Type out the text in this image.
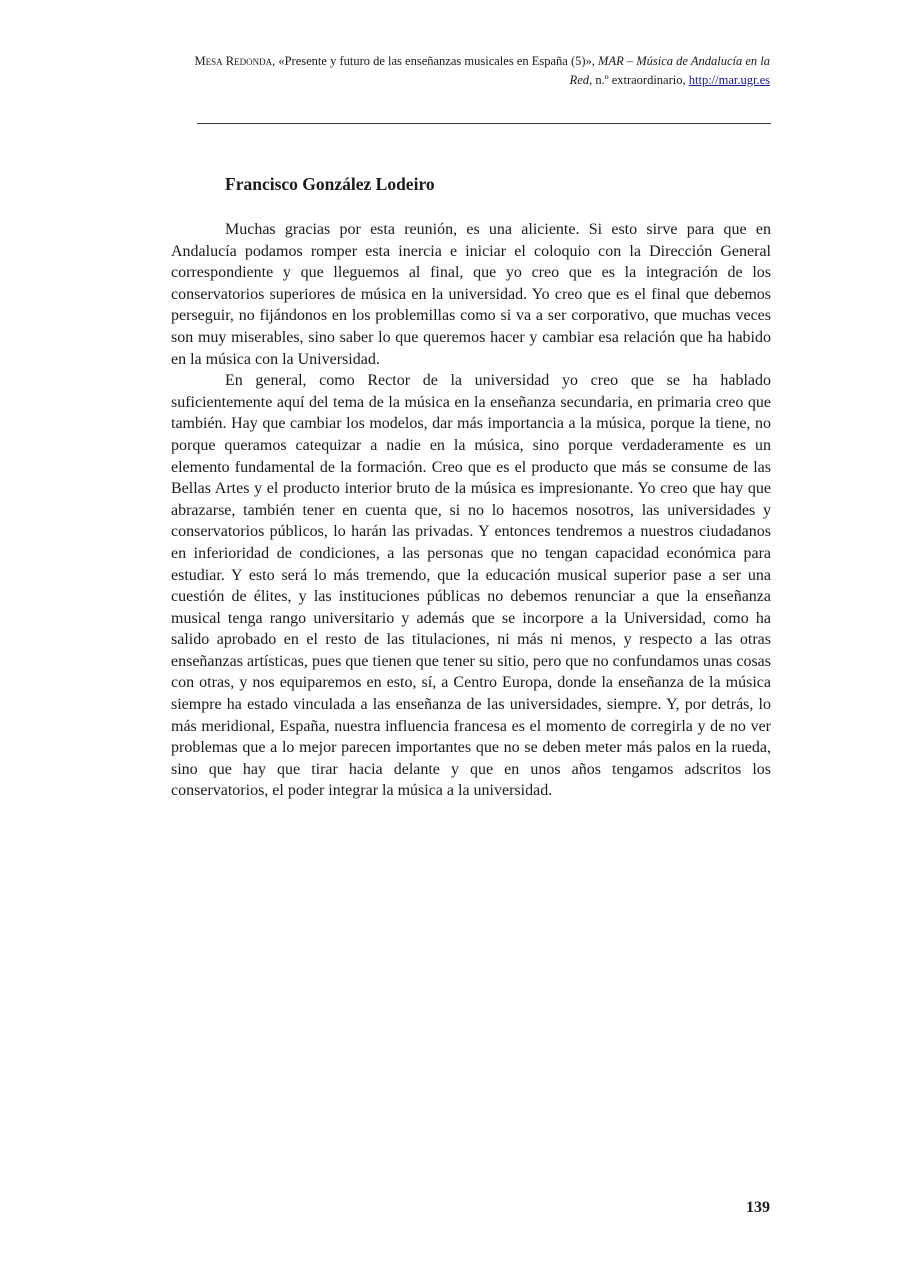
Mesa Redonda, «Presente y futuro de las enseñanzas musicales en España (5)», MAR – Música de Andalucía en la Red, n.º extraordinario, http://mar.ugr.es
Francisco González Lodeiro

Muchas gracias por esta reunión, es una aliciente. Si esto sirve para que en Andalucía podamos romper esta inercia e iniciar el coloquio con la Dirección General correspondiente y que lleguemos al final, que yo creo que es la integración de los conservatorios superiores de música en la universidad. Yo creo que es el final que debemos perseguir, no fijándonos en los problemillas como si va a ser corporativo, que muchas veces son muy miserables, sino saber lo que queremos hacer y cambiar esa relación que ha habido en la música con la Universidad.

En general, como Rector de la universidad yo creo que se ha hablado suficientemente aquí del tema de la música en la enseñanza secundaria, en primaria creo que también. Hay que cambiar los modelos, dar más importancia a la música, porque la tiene, no porque queramos catequizar a nadie en la música, sino porque verdaderamente es un elemento fundamental de la formación. Creo que es el producto que más se consume de las Bellas Artes y el producto interior bruto de la música es impresionante. Yo creo que hay que abrazarse, también tener en cuenta que, si no lo hacemos nosotros, las universidades y conservatorios públicos, lo harán las privadas. Y entonces tendremos a nuestros ciudadanos en inferioridad de condiciones, a las personas que no tengan capacidad económica para estudiar. Y esto será lo más tremendo, que la educación musical superior pase a ser una cuestión de élites, y las instituciones públicas no debemos renunciar a que la enseñanza musical tenga rango universitario y además que se incorpore a la Universidad, como ha salido aprobado en el resto de las titulaciones, ni más ni menos, y respecto a las otras enseñanzas artísticas, pues que tienen que tener su sitio, pero que no confundamos unas cosas con otras, y nos equiparemos en esto, sí, a Centro Europa, donde la enseñanza de la música siempre ha estado vinculada a las enseñanza de las universidades, siempre. Y, por detrás, lo más meridional, España, nuestra influencia francesa es el momento de corregirla y de no ver problemas que a lo mejor parecen importantes que no se deben meter más palos en la rueda, sino que hay que tirar hacia delante y que en unos años tengamos adscritos los conservatorios, el poder integrar la música a la universidad.

139
